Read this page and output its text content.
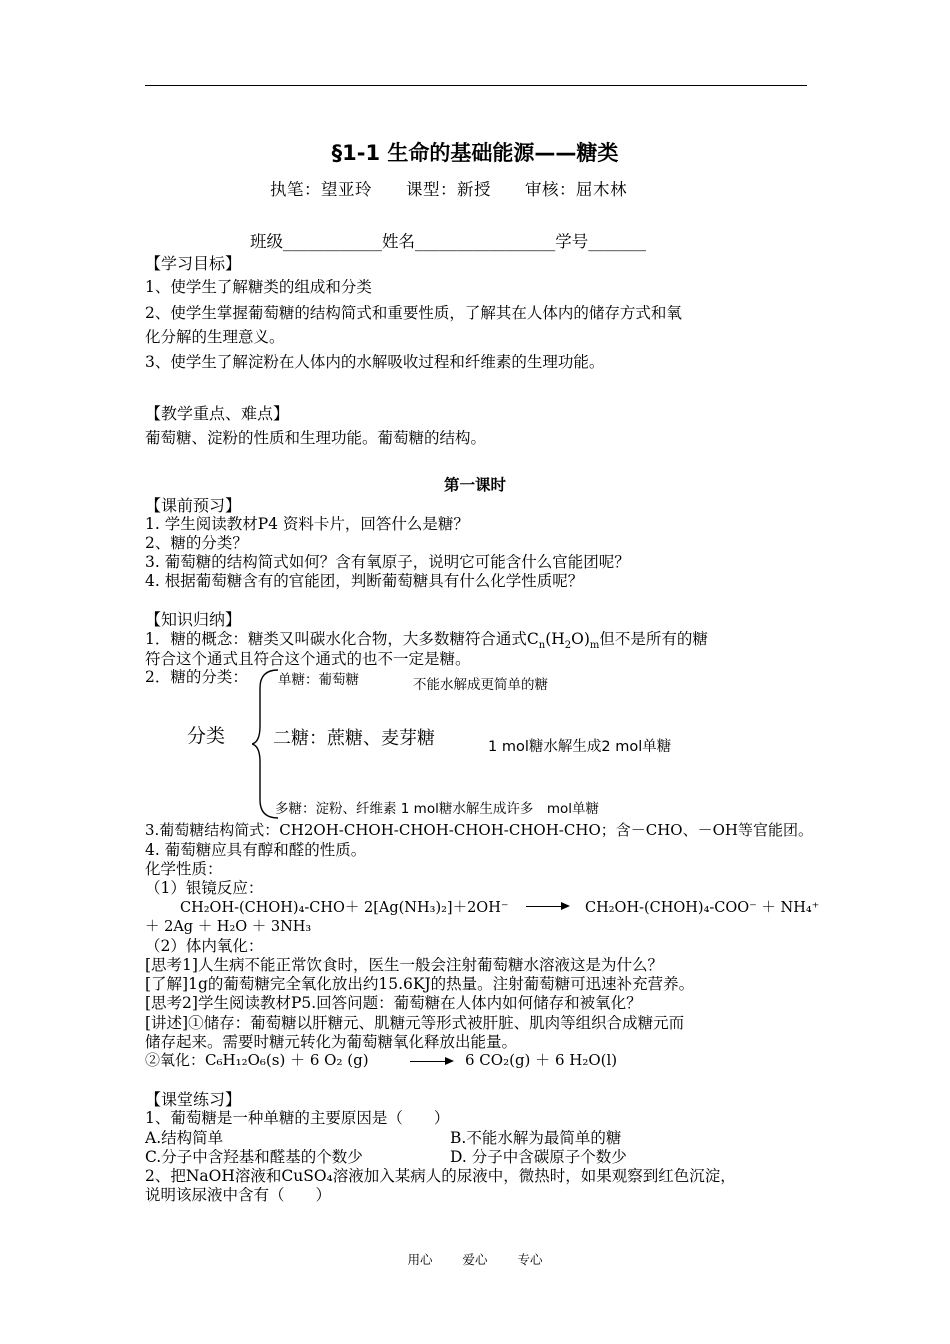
§1-1 生命的基础能源——糖类
执笔：望亚玲　　课型：新授　　审核：屈木林
班级____________姓名_________________学号_______
【学习目标】
1、使学生了解糖类的组成和分类
2、使学生掌握葡萄糖的结构简式和重要性质，了解其在人体内的储存方式和氧
化分解的生理意义。
3、使学生了解淀粉在人体内的水解吸收过程和纤维素的生理功能。
【教学重点、难点】
葡萄糖、淀粉的性质和生理功能。葡萄糖的结构。
第一课时
【课前预习】
1. 学生阅读教材P4 资料卡片，回答什么是糖？
2、糖的分类？
3. 葡萄糖的结构简式如何？含有氧原子，说明它可能含什么官能团呢？
4. 根据葡萄糖含有的官能团，判断葡萄糖具有什么化学性质呢？
【知识归纳】
1．糖的概念：糖类又叫碳水化合物，大多数糖符合通式$C_n(H_2O)_m$但不是所有的糖
符合这个通式且符合这个通式的也不一定是糖。
2．糖的分类：
分类
单糖：葡萄糖	不能水解成更简单的糖
二糖：蔗糖、麦芽糖	1 mol糖水解生成2 mol单糖
多糖：淀粉、纤维素 1 mol糖水解生成许多　mol单糖
3.葡萄糖结构简式：CH2OH-CHOH-CHOH-CHOH-CHOH-CHO；含－CHO、－OH等官能团。
4. 葡萄糖应具有醇和醛的性质。
化学性质：
（1）银镜反应：
CH₂OH-(CHOH)₄-CHO＋ 2[Ag(NH₃)₂]＋2OH⁻ → CH₂OH-(CHOH)₄-COO⁻ ＋ NH₄⁺
＋ 2Ag ＋ H₂O ＋ 3NH₃
（2）体内氧化：
[思考1]人生病不能正常饮食时，医生一般会注射葡萄糖水溶液这是为什么？
[了解]1g的葡萄糖完全氧化放出约15.6KJ的热量。注射葡萄糖可迅速补充营养。
[思考2]学生阅读教材P5.回答问题：葡萄糖在人体内如何储存和被氧化？
[讲述]①储存：葡萄糖以肝糖元、肌糖元等形式被肝脏、肌肉等组织合成糖元而
储存起来。需要时糖元转化为葡萄糖氧化释放出能量。
②氧化：C₆H₁₂O₆(s) ＋ 6 O₂ (g)	→ 6 CO₂(g) ＋ 6 H₂O(l)
【课堂练习】
1、葡萄糖是一种单糖的主要原因是（　　）
A.结构简单	B.不能水解为最简单的糖
C.分子中含羟基和醛基的个数少	D. 分子中含碳原子个数少
2、把NaOH溶液和CuSO₄溶液加入某病人的尿液中，微热时，如果观察到红色沉淀，
说明该尿液中含有（　　）
用心 爱心 专心
